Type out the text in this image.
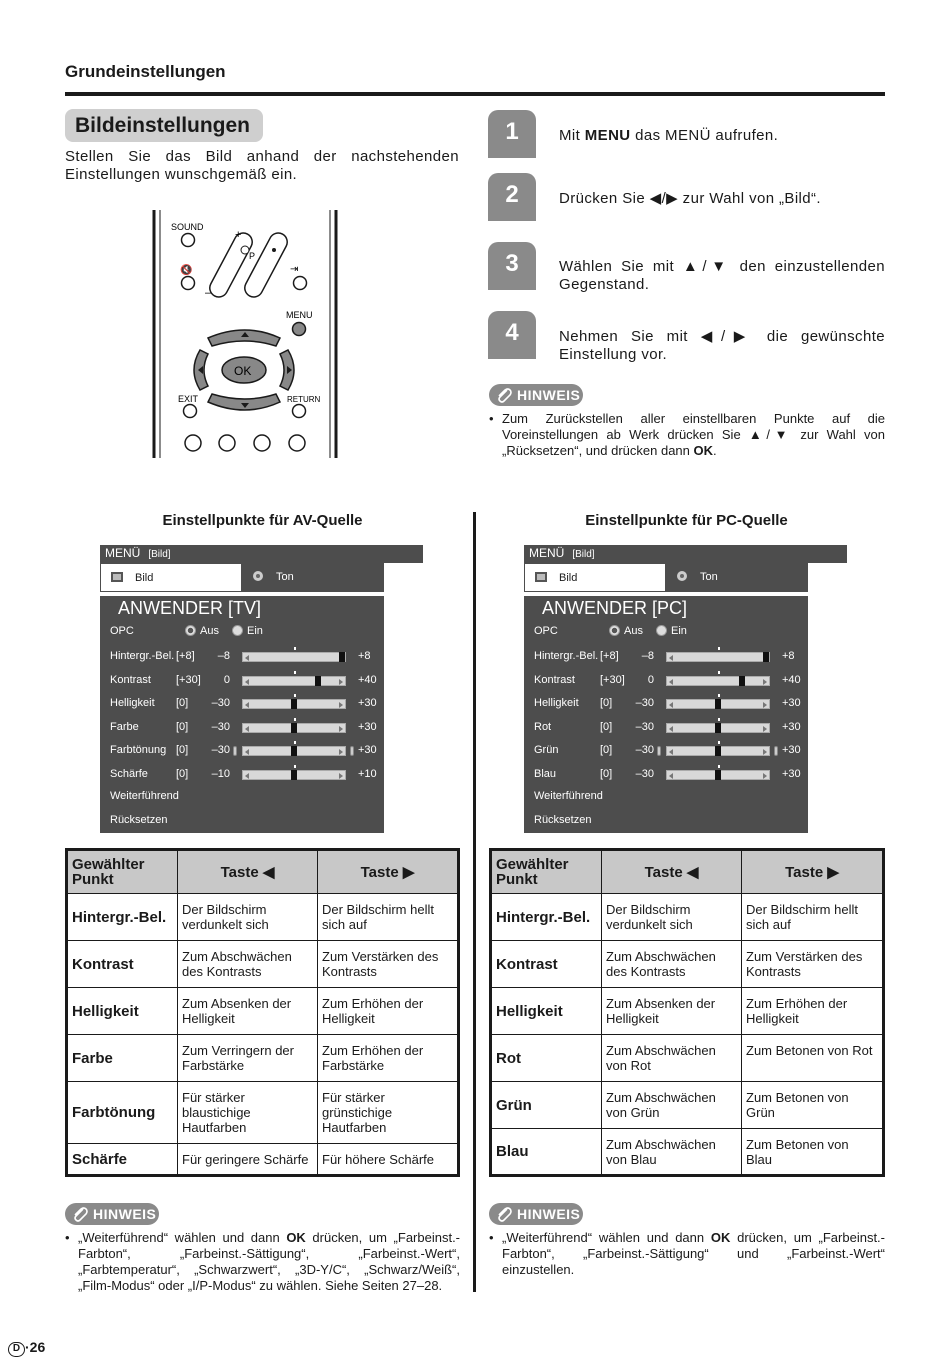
Grundeinstellungen
Bildeinstellungen
Stellen Sie das Bild anhand der nachstehenden Einstellungen wunschgemäß ein.
SOUND
🔇	⇥
+
–
P
MENU
OK
EXIT	RETURN
1	Mit MENU das MENÜ aufrufen.
2	Drücken Sie ◀/▶ zur Wahl von „Bild“.
3	Wählen Sie mit ▲/▼ den einzustellenden Gegenstand.
4	Nehmen Sie mit ◀/▶ die gewünschte Einstellung vor.
HINWEIS
• Zum Zurückstellen aller einstellbaren Punkte auf die Voreinstellungen ab Werk drücken Sie ▲/▼ zur Wahl von „Rücksetzen“, und drücken dann OK.
Einstellpunkte für AV-Quelle	Einstellpunkte für PC-Quelle
MENÜ [Bild]
Bild	Ton
ANWENDER [TV]
OPC	Aus	Ein
Hintergr.-Bel. [+8]	–8	+8
Kontrast [+30]	0	+40
Helligkeit [0]	–30	+30
Farbe	[0]	–30	+30
Farbtönung [0]	–30	+30
Schärfe	[0]	–10	+10
Weiterführend
Rücksetzen
MENÜ [Bild]
Bild	Ton
ANWENDER [PC]
OPC	Aus	Ein
Hintergr.-Bel. [+8]	–8	+8
Kontrast [+30]	0	+40
Helligkeit [0]	–30	+30
Rot	[0]	–30	+30
Grün	[0]	–30	+30
Blau	[0]	–30	+30
Weiterführend
Rücksetzen
Gewählter Punkt	Taste ◀	Taste ▶
Hintergr.-Bel.	Der Bildschirm verdunkelt sich	Der Bildschirm hellt sich auf
Kontrast	Zum Abschwächen des Kontrasts	Zum Verstärken des Kontrasts
Helligkeit	Zum Absenken der Helligkeit	Zum Erhöhen der Helligkeit
Farbe	Zum Verringern der Farbstärke	Zum Erhöhen der Farbstärke
Farbtönung	Für stärker blaustichige Hautfarben	Für stärker grünstichige Hautfarben
Schärfe	Für geringere Schärfe	Für höhere Schärfe
Gewählter Punkt	Taste ◀	Taste ▶
Hintergr.-Bel.	Der Bildschirm verdunkelt sich	Der Bildschirm hellt sich auf
Kontrast	Zum Abschwächen des Kontrasts	Zum Verstärken des Kontrasts
Helligkeit	Zum Absenken der Helligkeit	Zum Erhöhen der Helligkeit
Rot	Zum Abschwächen von Rot	Zum Betonen von Rot
Grün	Zum Abschwächen von Grün	Zum Betonen von Grün
Blau	Zum Abschwächen von Blau	Zum Betonen von Blau
HINWEIS
• „Weiterführend“ wählen und dann OK drücken, um „Farbeinst.-Farbton“, „Farbeinst.-Sättigung“, „Farbeinst.-Wert“, „Farbtemperatur“, „Schwarzwert“, „3D-Y/C“, „Schwarz/Weiß“, „Film-Modus“ oder „I/P-Modus“ zu wählen. Siehe Seiten 27–28.
HINWEIS
• „Weiterführend“ wählen und dann OK drücken, um „Farbeinst.-Farbton“, „Farbeinst.-Sättigung“ und „Farbeinst.-Wert“ einzustellen.
D ·26
